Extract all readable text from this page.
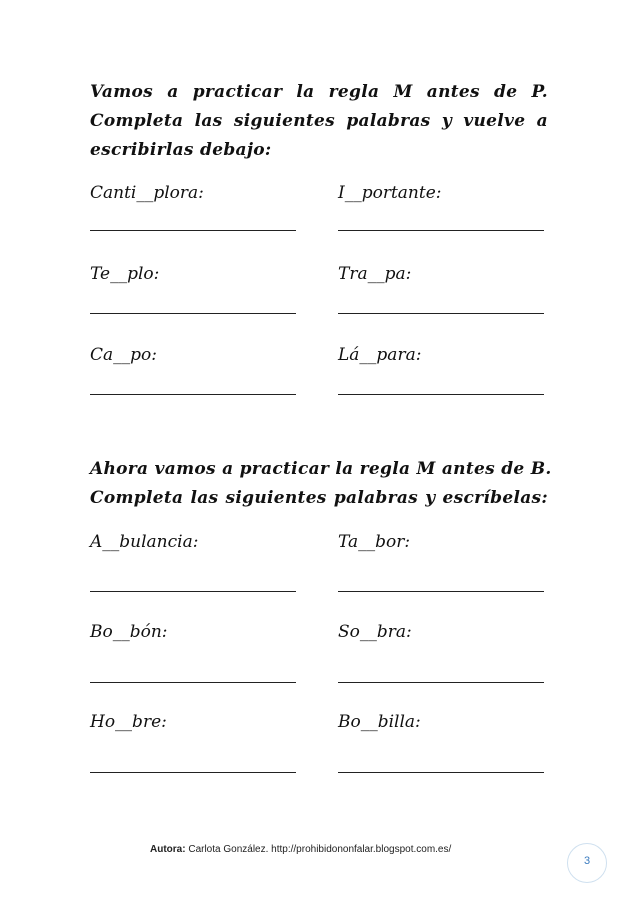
Vamos a practicar la regla M antes de P.
Completa las siguientes palabras y vuelve a
escribirlas debajo:
Canti__plora:	I__portante:
Te__plo:	Tra__pa:
Ca__po:	Lá__para:
Ahora vamos a practicar la regla M antes de B.
Completa las siguientes palabras y escríbelas:
A__bulancia:	Ta__bor:
Bo__bón:	So__bra:
Ho__bre:	Bo__billa:
Autora: Carlota González. http://prohibidononfalar.blogspot.com.es/
3
